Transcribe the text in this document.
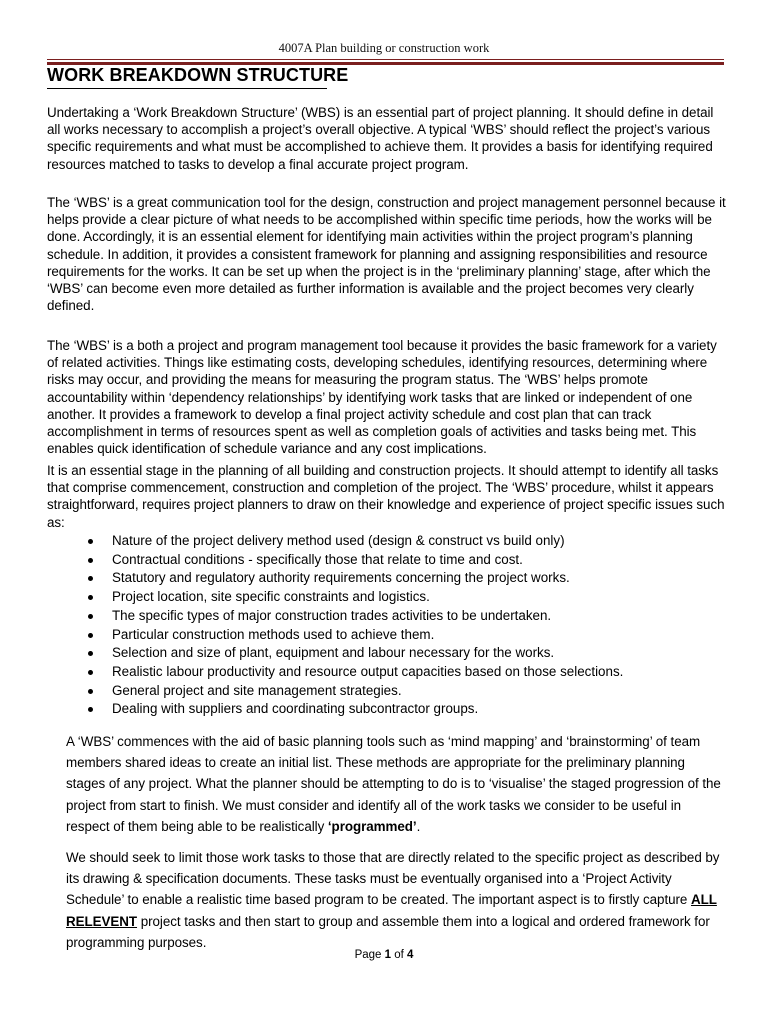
4007A Plan building or construction work
WORK BREAKDOWN STRUCTURE

Undertaking a ‘Work Breakdown Structure’ (WBS) is an essential part of project planning. It should define in detail all works necessary to accomplish a project’s overall objective. A typical ‘WBS’ should reflect the project’s various specific requirements and what must be accomplished to achieve them. It provides a basis for identifying required resources matched to tasks to develop a final accurate project program.

The ‘WBS’ is a great communication tool for the design, construction and project management personnel because it helps provide a clear picture of what needs to be accomplished within specific time periods, how the works will be done. Accordingly, it is an essential element for identifying main activities within the project program’s planning schedule. In addition, it provides a consistent framework for planning and assigning responsibilities and resource requirements for the works. It can be set up when the project is in the ‘preliminary planning’ stage, after which the ‘WBS’ can become even more detailed as further information is available and the project becomes very clearly defined.

The ‘WBS’ is a both a project and program management tool because it provides the basic framework for a variety of related activities. Things like estimating costs, developing schedules, identifying resources, determining where risks may occur, and providing the means for measuring the program status. The ‘WBS’ helps promote accountability within ‘dependency relationships’ by identifying work tasks that are linked or independent of one another. It provides a framework to develop a final project activity schedule and cost plan that can track accomplishment in terms of resources spent as well as completion goals of activities and tasks being met. This enables quick identification of schedule variance and any cost implications.

It is an essential stage in the planning of all building and construction projects. It should attempt to identify all tasks that comprise commencement, construction and completion of the project. The ‘WBS’ procedure, whilst it appears straightforward, requires project planners to draw on their knowledge and experience of project specific issues such as:

Nature of the project delivery method used (design & construct vs build only)
Contractual conditions - specifically those that relate to time and cost.
Statutory and regulatory authority requirements concerning the project works.
Project location, site specific constraints and logistics.
The specific types of major construction trades activities to be undertaken.
Particular construction methods used to achieve them.
Selection and size of plant, equipment and labour necessary for the works.
Realistic labour productivity and resource output capacities based on those selections.
General project and site management strategies.
Dealing with suppliers and coordinating subcontractor groups.

A ‘WBS’ commences with the aid of basic planning tools such as ‘mind mapping’ and ‘brainstorming’ of team members shared ideas to create an initial list. These methods are appropriate for the preliminary planning stages of any project. What the planner should be attempting to do is to ‘visualise’ the staged progression of the project from start to finish. We must consider and identify all of the work tasks we consider to be useful in respect of them being able to be realistically ‘programmed’.

We should seek to limit those work tasks to those that are directly related to the specific project as described by its drawing & specification documents. These tasks must be eventually organised into a ‘Project Activity Schedule’ to enable a realistic time based program to be created. The important aspect is to firstly capture ALL RELEVENT project tasks and then start to group and assemble them into a logical and ordered framework for programming purposes.

Page 1 of 4
